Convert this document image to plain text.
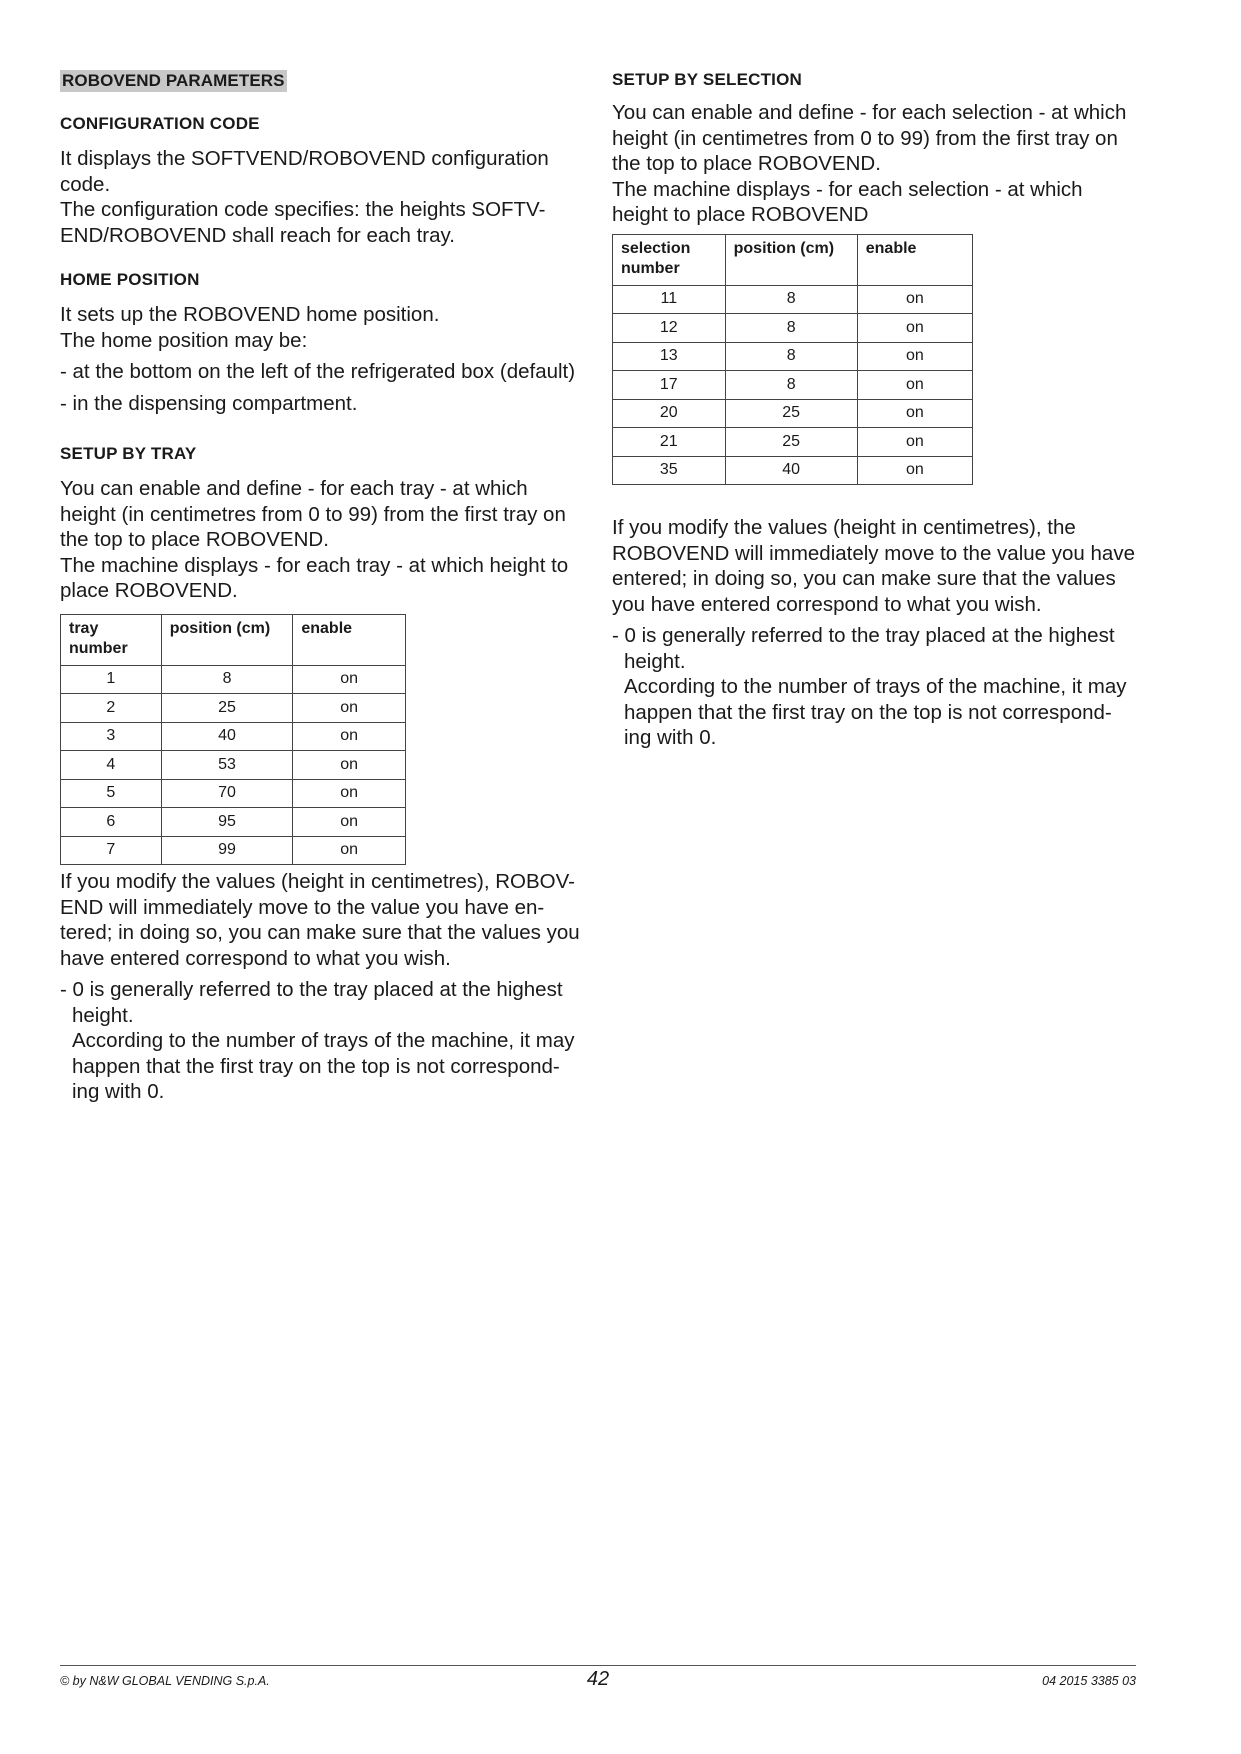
ROBOVEND PARAMETERS
CONFIGURATION CODE

It displays the SOFTVEND/ROBOVEND configuration code.

The configuration code specifies: the heights SOFTV-END/ROBOVEND shall reach for each tray.

HOME POSITION

It sets up the ROBOVEND home position.

The home position may be:

- at the bottom on the left of the refrigerated box (default)

- in the dispensing compartment.

SETUP BY TRAY

You can enable and define - for each tray - at which height (in centimetres from 0 to 99) from the first tray on the top to place ROBOVEND.

The machine displays - for each tray - at which height to place ROBOVEND.

tray number	position (cm)	enable
1	8	on
2	25	on
3	40	on
4	53	on
5	70	on
6	95	on
7	99	on

If you modify the values (height in centimetres), ROBOV-END will immediately move to the value you have en-tered; in doing so, you can make sure that the values you have entered correspond to what you wish.

- 0 is generally referred to the tray placed at the highest height.

According to the number of trays of the machine, it may happen that the first tray on the top is not correspond-ing with 0.

SETUP BY SELECTION

You can enable and define - for each selection - at which height (in centimetres from 0 to 99) from the first tray on the top to place ROBOVEND.

The machine displays - for each selection - at which height to place ROBOVEND

selection number	position (cm)	enable
11	8	on
12	8	on
13	8	on
17	8	on
20	25	on
21	25	on
35	40	on

If you modify the values (height in centimetres), the ROBOVEND will immediately move to the value you have entered; in doing so, you can make sure that the values you have entered correspond to what you wish.

- 0 is generally referred to the tray placed at the highest height.

According to the number of trays of the machine, it may happen that the first tray on the top is not correspond-ing with 0.

© by N&W GLOBAL VENDING S.p.A.	42	04 2015 3385 03
